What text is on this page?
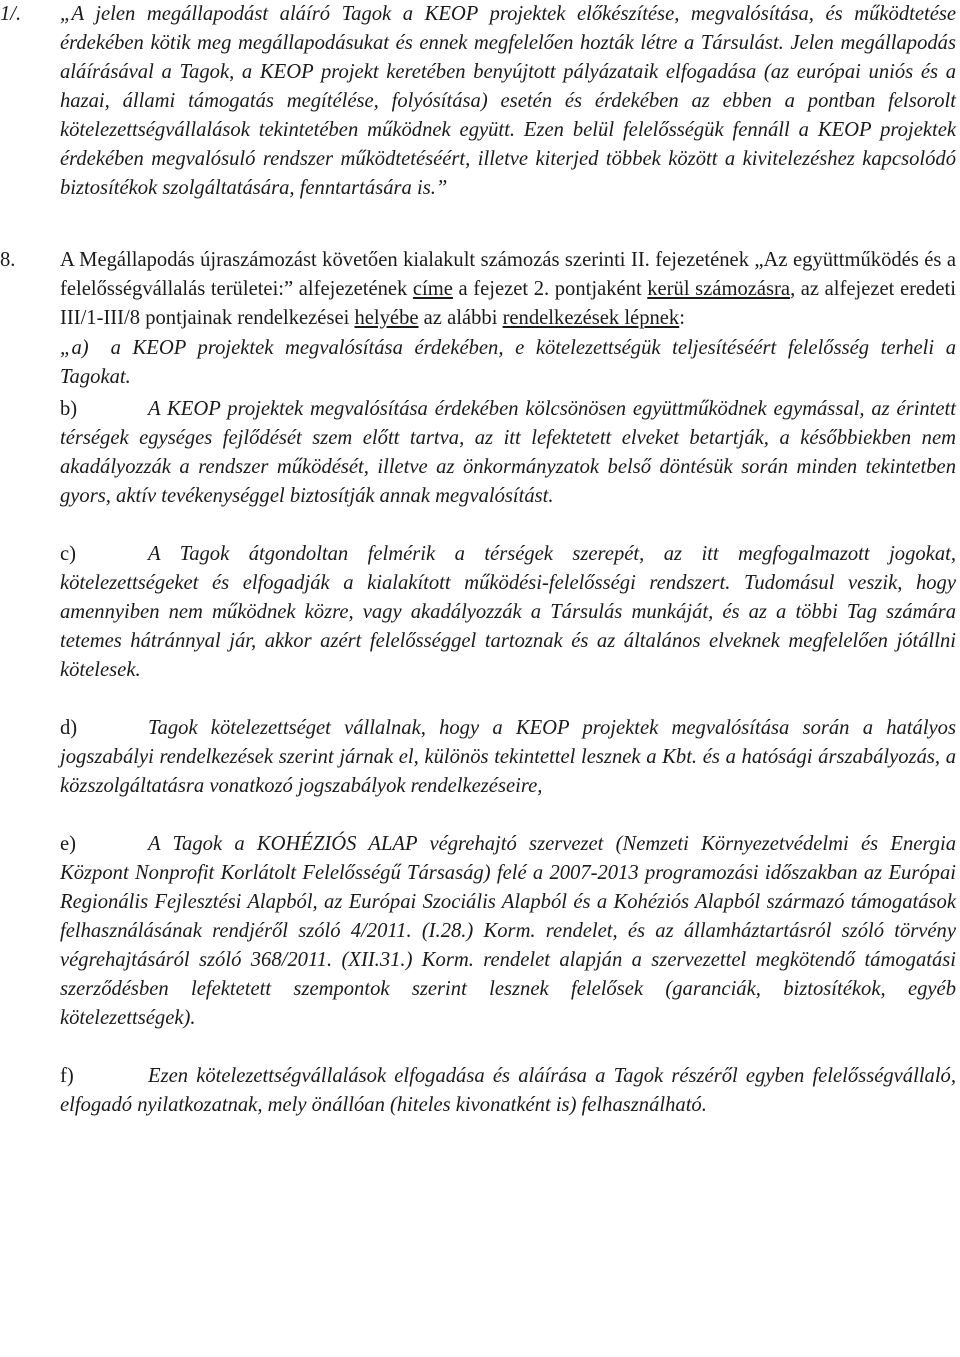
1/. „A jelen megállapodást aláíró Tagok a KEOP projektek előkészítése, megvalósítása, és működtetése érdekében kötik meg megállapodásukat és ennek megfelelően hozták létre a Társulást. Jelen megállapodás aláírásával a Tagok, a KEOP projekt keretében benyújtott pályázataik elfogadása (az európai uniós és a hazai, állami támogatás megítélése, folyósítása) esetén és érdekében az ebben a pontban felsorolt kötelezettségvállalások tekintetében működnek együtt. Ezen belül felelősségük fennáll a KEOP projektek érdekében megvalósuló rendszer működtetéséért, illetve kiterjed többek között a kivitelezéshez kapcsolódó biztosítékok szolgáltatására, fenntartására is.”

8. A Megállapodás újraszámozást követően kialakult számozás szerinti II. fejezetének „Az együttműködés és a felelősségvállalás területei:” alfejezetének címe a fejezet 2. pontjaként kerül számozásra, az alfejezet eredeti III/1-III/8 pontjainak rendelkezései helyébe az alábbi rendelkezések lépnek:

„a) a KEOP projektek megvalósítása érdekében, e kötelezettségük teljesítéséért felelősség terheli a Tagokat.

b)	A KEOP projektek megvalósítása érdekében kölcsönösen együttműködnek egymással, az érintett térségek egységes fejlődését szem előtt tartva, az itt lefektetett elveket betartják, a későbbiekben nem akadályozzák a rendszer működését, illetve az önkormányzatok belső döntésük során minden tekintetben gyors, aktív tevékenységgel biztosítják annak megvalósítást.

c)	A Tagok átgondoltan felmérik a térségek szerepét, az itt megfogalmazott jogokat, kötelezettségeket és elfogadják a kialakított működési-felelősségi rendszert. Tudomásul veszik, hogy amennyiben nem működnek közre, vagy akadályozzák a Társulás munkáját, és az a többi Tag számára tetemes hátránnyal jár, akkor azért felelősséggel tartoznak és az általános elveknek megfelelően jótállni kötelesek.

d)	Tagok kötelezettséget vállalnak, hogy a KEOP projektek megvalósítása során a hatályos jogszabályi rendelkezések szerint járnak el, különös tekintettel lesznek a Kbt. és a hatósági árszabályozás, a közszolgáltatásra vonatkozó jogszabályok rendelkezéseire,

e)	A Tagok a KOHÉZIÓS ALAP végrehajtó szervezet (Nemzeti Környezetvédelmi és Energia Központ Nonprofit Korlátolt Felelősségű Társaság) felé a 2007-2013 programozási időszakban az Európai Regionális Fejlesztési Alapból, az Európai Szociális Alapból és a Kohéziós Alapból származó támogatások felhasználásának rendjéről szóló 4/2011. (I.28.) Korm. rendelet, és az államháztartásról szóló törvény végrehajtásáról szóló 368/2011. (XII.31.) Korm. rendelet alapján a szervezettel megkötendő támogatási szerződésben lefektetett szempontok szerint lesznek felelősek (garanciák, biztosítékok, egyéb kötelezettségek).

f)	Ezen kötelezettségvállalások elfogadása és aláírása a Tagok részéről egyben felelősségvállaló, elfogadó nyilatkozatnak, mely önállóan (hiteles kivonatként is) felhasználható.
